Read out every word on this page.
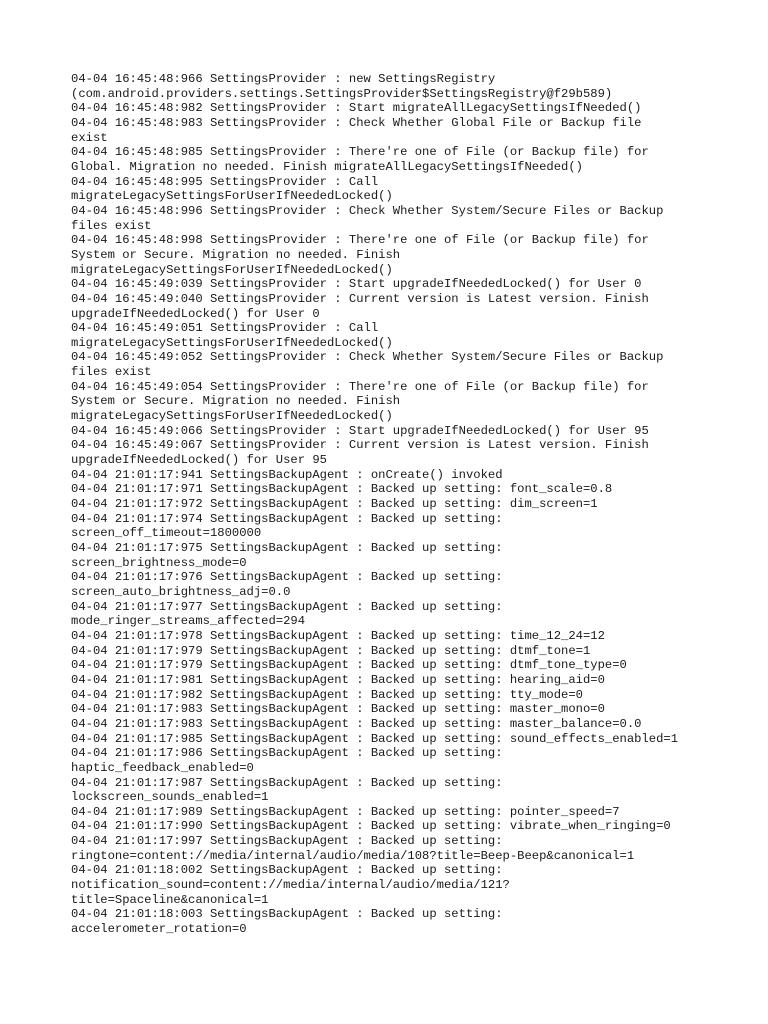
04-04 16:45:48:966 SettingsProvider : new SettingsRegistry
(com.android.providers.settings.SettingsProvider$SettingsRegistry@f29b589)
04-04 16:45:48:982 SettingsProvider : Start migrateAllLegacySettingsIfNeeded()
04-04 16:45:48:983 SettingsProvider : Check Whether Global File or Backup file
exist
04-04 16:45:48:985 SettingsProvider : There're one of File (or Backup file) for
Global. Migration no needed. Finish migrateAllLegacySettingsIfNeeded()
04-04 16:45:48:995 SettingsProvider : Call
migrateLegacySettingsForUserIfNeededLocked()
04-04 16:45:48:996 SettingsProvider : Check Whether System/Secure Files or Backup
files exist
04-04 16:45:48:998 SettingsProvider : There're one of File (or Backup file) for
System or Secure. Migration no needed. Finish
migrateLegacySettingsForUserIfNeededLocked()
04-04 16:45:49:039 SettingsProvider : Start upgradeIfNeededLocked() for User 0
04-04 16:45:49:040 SettingsProvider : Current version is Latest version. Finish
upgradeIfNeededLocked() for User 0
04-04 16:45:49:051 SettingsProvider : Call
migrateLegacySettingsForUserIfNeededLocked()
04-04 16:45:49:052 SettingsProvider : Check Whether System/Secure Files or Backup
files exist
04-04 16:45:49:054 SettingsProvider : There're one of File (or Backup file) for
System or Secure. Migration no needed. Finish
migrateLegacySettingsForUserIfNeededLocked()
04-04 16:45:49:066 SettingsProvider : Start upgradeIfNeededLocked() for User 95
04-04 16:45:49:067 SettingsProvider : Current version is Latest version. Finish
upgradeIfNeededLocked() for User 95
04-04 21:01:17:941 SettingsBackupAgent : onCreate() invoked
04-04 21:01:17:971 SettingsBackupAgent : Backed up setting: font_scale=0.8
04-04 21:01:17:972 SettingsBackupAgent : Backed up setting: dim_screen=1
04-04 21:01:17:974 SettingsBackupAgent : Backed up setting:
screen_off_timeout=1800000
04-04 21:01:17:975 SettingsBackupAgent : Backed up setting:
screen_brightness_mode=0
04-04 21:01:17:976 SettingsBackupAgent : Backed up setting:
screen_auto_brightness_adj=0.0
04-04 21:01:17:977 SettingsBackupAgent : Backed up setting:
mode_ringer_streams_affected=294
04-04 21:01:17:978 SettingsBackupAgent : Backed up setting: time_12_24=12
04-04 21:01:17:979 SettingsBackupAgent : Backed up setting: dtmf_tone=1
04-04 21:01:17:979 SettingsBackupAgent : Backed up setting: dtmf_tone_type=0
04-04 21:01:17:981 SettingsBackupAgent : Backed up setting: hearing_aid=0
04-04 21:01:17:982 SettingsBackupAgent : Backed up setting: tty_mode=0
04-04 21:01:17:983 SettingsBackupAgent : Backed up setting: master_mono=0
04-04 21:01:17:983 SettingsBackupAgent : Backed up setting: master_balance=0.0
04-04 21:01:17:985 SettingsBackupAgent : Backed up setting: sound_effects_enabled=1
04-04 21:01:17:986 SettingsBackupAgent : Backed up setting:
haptic_feedback_enabled=0
04-04 21:01:17:987 SettingsBackupAgent : Backed up setting:
lockscreen_sounds_enabled=1
04-04 21:01:17:989 SettingsBackupAgent : Backed up setting: pointer_speed=7
04-04 21:01:17:990 SettingsBackupAgent : Backed up setting: vibrate_when_ringing=0
04-04 21:01:17:997 SettingsBackupAgent : Backed up setting:
ringtone=content://media/internal/audio/media/108?title=Beep-Beep&canonical=1
04-04 21:01:18:002 SettingsBackupAgent : Backed up setting:
notification_sound=content://media/internal/audio/media/121?
title=Spaceline&canonical=1
04-04 21:01:18:003 SettingsBackupAgent : Backed up setting:
accelerometer_rotation=0
